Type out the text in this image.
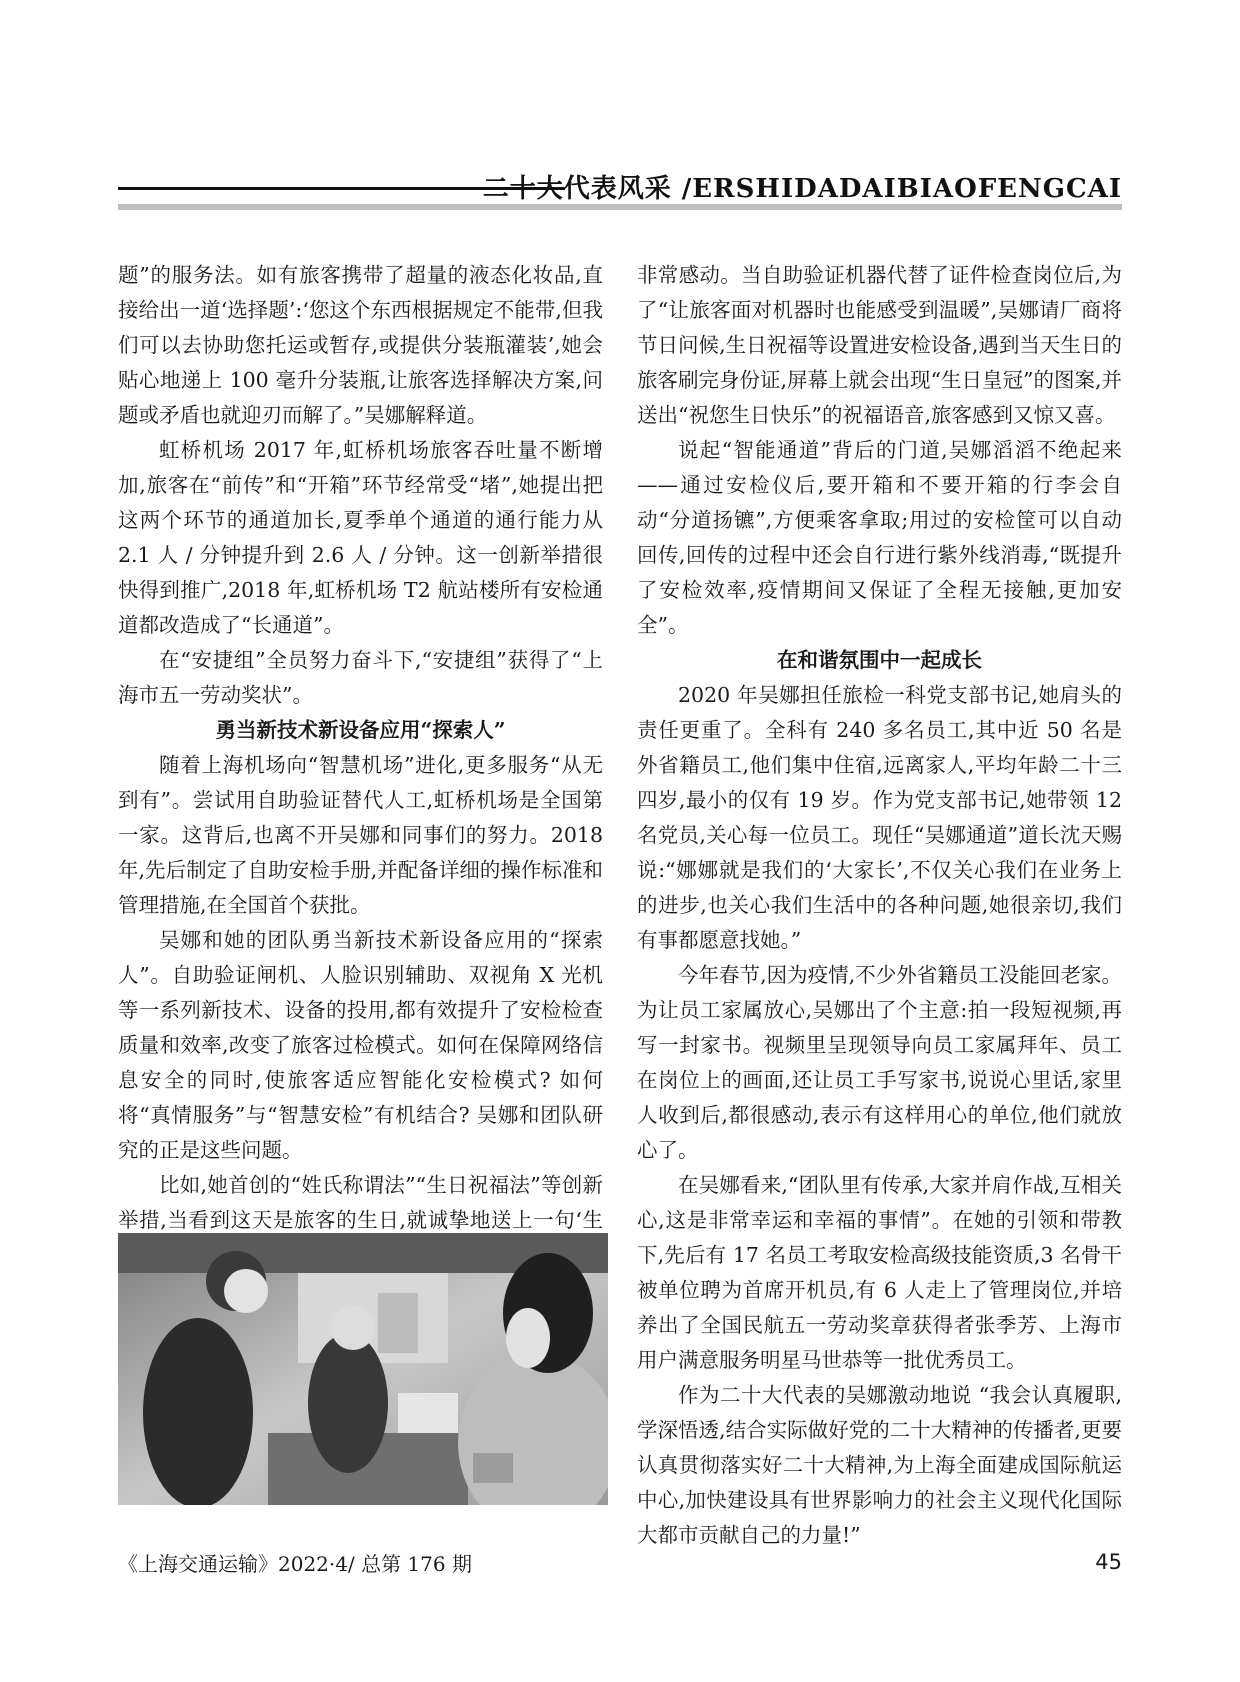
二十大代表风采 /ERSHIDADAIBIAOFENGCAI

题”的服务法。如有旅客携带了超量的液态化妆品,直接给出一道‘选择题’:‘您这个东西根据规定不能带,但我们可以去协助您托运或暂存,或提供分装瓶灌装’,她会贴心地递上 100 毫升分装瓶,让旅客选择解决方案,问题或矛盾也就迎刃而解了。”吴娜解释道。

虹桥机场 2017 年,虹桥机场旅客吞吐量不断增加,旅客在“前传”和“开箱”环节经常受“堵”,她提出把这两个环节的通道加长,夏季单个通道的通行能力从 2.1 人 / 分钟提升到 2.6 人 / 分钟。这一创新举措很快得到推广,2018 年,虹桥机场 T2 航站楼所有安检通道都改造成了“长通道”。

在“安捷组”全员努力奋斗下,“安捷组”获得了“上海市五一劳动奖状”。

勇当新技术新设备应用“探索人”

随着上海机场向“智慧机场”进化,更多服务“从无到有”。尝试用自助验证替代人工,虹桥机场是全国第一家。这背后,也离不开吴娜和同事们的努力。2018 年,先后制定了自助安检手册,并配备详细的操作标准和管理措施,在全国首个获批。

吴娜和她的团队勇当新技术新设备应用的“探索人”。自助验证闸机、人脸识别辅助、双视角 X 光机等一系列新技术、设备的投用,都有效提升了安检检查质量和效率,改变了旅客过检模式。如何在保障网络信息安全的同时,使旅客适应智能化安检模式? 如何将“真情服务”与“智慧安检”有机结合? 吴娜和团队研究的正是这些问题。

比如,她首创的“姓氏称谓法”“生日祝福法”等创新举措,当看到这天是旅客的生日,就诚挚地送上一句‘生

非常感动。当自助验证机器代替了证件检查岗位后,为了“让旅客面对机器时也能感受到温暖”,吴娜请厂商将节日问候,生日祝福等设置进安检设备,遇到当天生日的旅客刷完身份证,屏幕上就会出现“生日皇冠”的图案,并送出“祝您生日快乐”的祝福语音,旅客感到又惊又喜。

说起“智能通道”背后的门道,吴娜滔滔不绝起来——通过安检仪后,要开箱和不要开箱的行李会自动“分道扬镳”,方便乘客拿取;用过的安检筐可以自动回传,回传的过程中还会自行进行紫外线消毒,“既提升了安检效率,疫情期间又保证了全程无接触,更加安全”。

在和谐氛围中一起成长

2020 年吴娜担任旅检一科党支部书记,她肩头的责任更重了。全科有 240 多名员工,其中近 50 名是外省籍员工,他们集中住宿,远离家人,平均年龄二十三四岁,最小的仅有 19 岁。作为党支部书记,她带领 12 名党员,关心每一位员工。现任“吴娜通道”道长沈天赐说:“娜娜就是我们的‘大家长’,不仅关心我们在业务上的进步,也关心我们生活中的各种问题,她很亲切,我们有事都愿意找她。”

今年春节,因为疫情,不少外省籍员工没能回老家。为让员工家属放心,吴娜出了个主意:拍一段短视频,再写一封家书。视频里呈现领导向员工家属拜年、员工在岗位上的画面,还让员工手写家书,说说心里话,家里人收到后,都很感动,表示有这样用心的单位,他们就放心了。

在吴娜看来,“团队里有传承,大家并肩作战,互相关心,这是非常幸运和幸福的事情”。在她的引领和带教下,先后有 17 名员工考取安检高级技能资质,3 名骨干被单位聘为首席开机员,有 6 人走上了管理岗位,并培养出了全国民航五一劳动奖章获得者张季芳、上海市用户满意服务明星马世恭等一批优秀员工。

作为二十大代表的吴娜激动地说 “我会认真履职,学深悟透,结合实际做好党的二十大精神的传播者,更要认真贯彻落实好二十大精神,为上海全面建成国际航运中心,加快建设具有世界影响力的社会主义现代化国际大都市贡献自己的力量!”

《上海交通运输》2022·4/ 总第 176 期	45
